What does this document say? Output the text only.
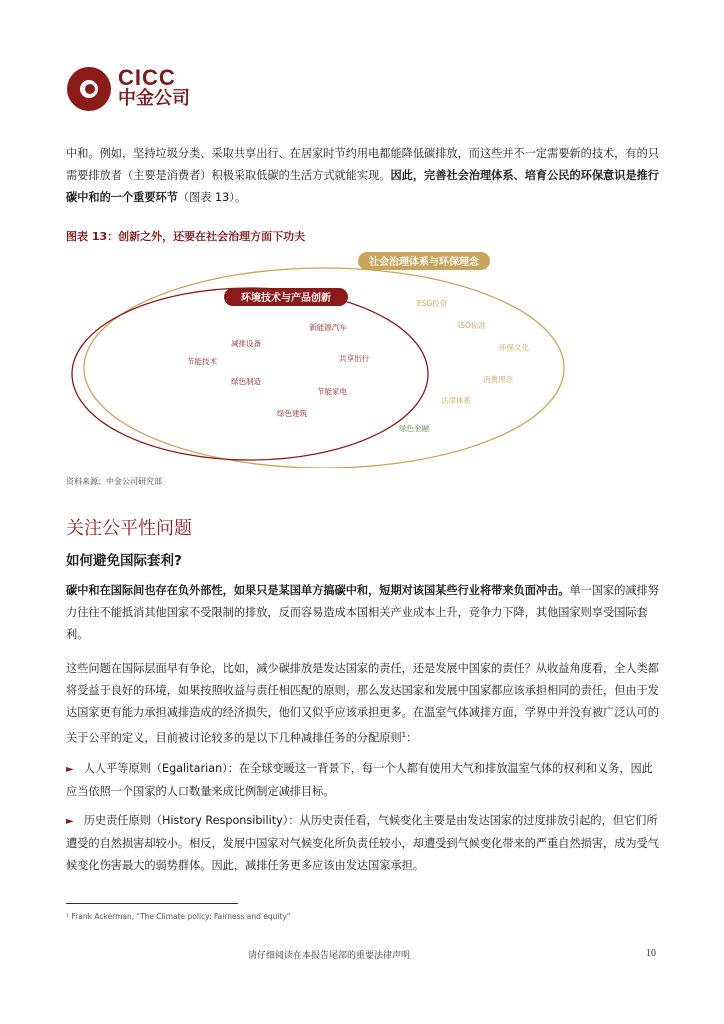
CICC
中金公司

中和。例如，坚持垃圾分类、采取共享出行、在居家时节约用电都能降低碳排放，而这些并不一定需要新的技术，有的只需要排放者（主要是消费者）积极采取低碳的生活方式就能实现。因此，完善社会治理体系、培育公民的环保意识是推行碳中和的一个重要环节（图表 13）。

图表 13：创新之外，还要在社会治理方面下功夫
社会治理体系与环保理念
环境技术与产品创新
新能源汽车
减排设备
节能技术	共享出行
绿色制造
节能家电
绿色建筑
ESG投资
ISO标准
环保文化
消费理念
法律体系
绿色金融
资料来源：中金公司研究部
关注公平性问题
如何避免国际套利?

碳中和在国际间也存在负外部性，如果只是某国单方搞碳中和，短期对该国某些行业将带来负面冲击。单一国家的减排努力往往不能抵消其他国家不受限制的排放，反而容易造成本国相关产业成本上升，竞争力下降，其他国家则享受国际套利。

这些问题在国际层面早有争论，比如，减少碳排放是发达国家的责任，还是发展中国家的责任？从收益角度看，全人类都将受益于良好的环境，如果按照收益与责任相匹配的原则，那么发达国家和发展中国家都应该承担相同的责任，但由于发达国家更有能力承担减排造成的经济损失，他们又似乎应该承担更多。在温室气体减排方面，学界中并没有被广泛认可的关于公平的定义，目前被讨论较多的是以下几种减排任务的分配原则$^1$：

► 人人平等原则（Egalitarian）：在全球变暖这一背景下，每一个人都有使用大气和排放温室气体的权利和义务，因此应当依照一个国家的人口数量来成比例制定减排目标。

► 历史责任原则（History Responsibility）：从历史责任看，气候变化主要是由发达国家的过度排放引起的，但它们所遭受的自然损害却较小。相反，发展中国家对气候变化所负责任较小，却遭受到气候变化带来的严重自然损害，成为受气候变化伤害最大的弱势群体。因此，减排任务更多应该由发达国家承担。

¹ Frank Ackerman, "The Climate policy: Fairness and equity"
请仔细阅读在本报告尾部的重要法律声明	10
